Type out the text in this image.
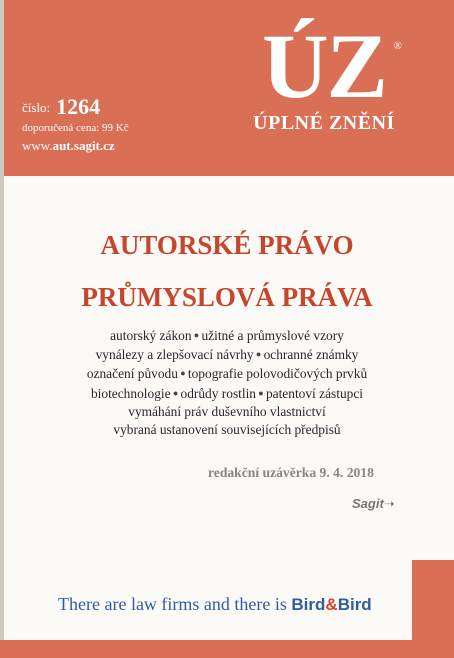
číslo: 1264
doporučená cena: 99 Kč
www.aut.sagit.cz
ÚZ ®
ÚPLNÉ ZNĚNÍ
AUTORSKÉ PRÁVO
PRŮMYSLOVÁ PRÁVA
autorský zákon ● užitné a průmyslové vzory
vynálezy a zlepšovací návrhy ● ochranné známky
označení původu ● topografie polovodičových prvků
biotechnologie ● odrůdy rostlin ● patentoví zástupci
vymáhání práv duševního vlastnictví
vybraná ustanovení souvisejících předpisů
redakční uzávěrka 9. 4. 2018
Sagit➝
There are law firms and there is Bird&Bird
